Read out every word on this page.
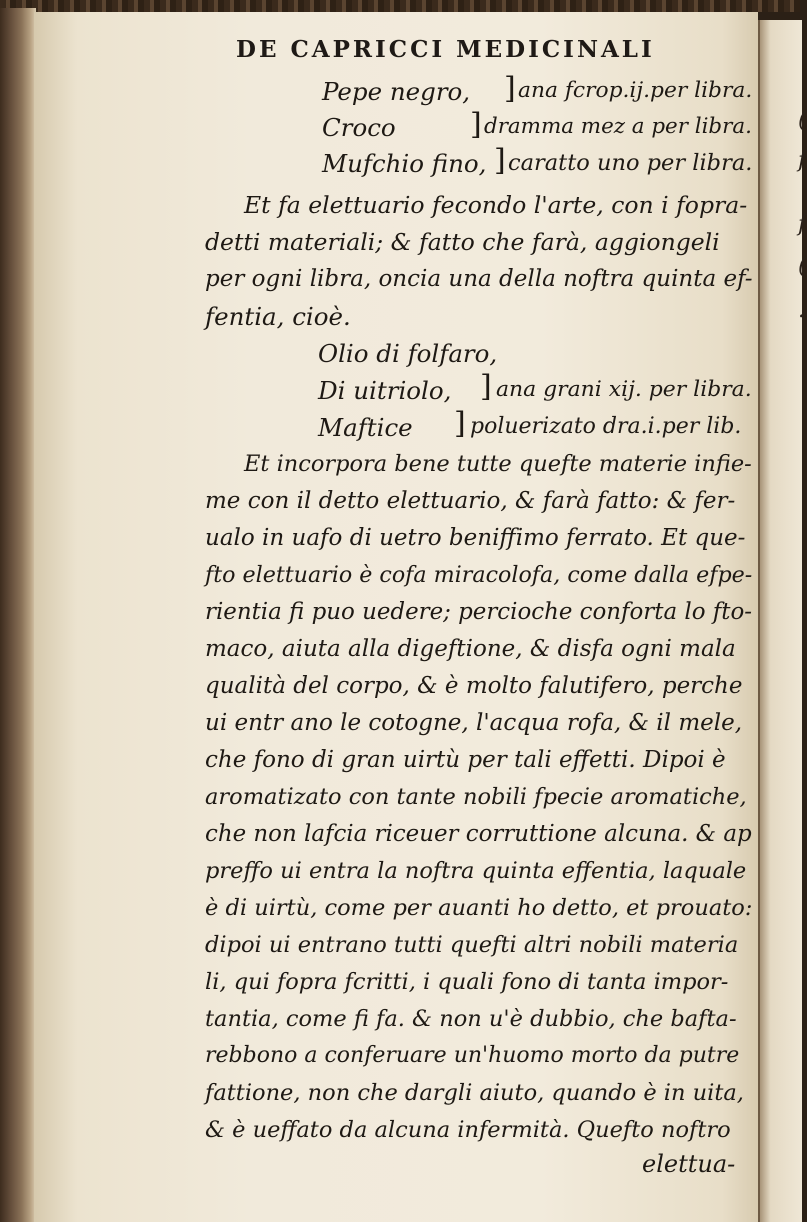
(
f
f
(
.
DE CAPRICCI MEDICINALI
Pepe negro, ] ana fcrop.ij.per libra.
Croco ] dramma mez a per libra.
Mufchio fino, ] caratto uno per libra.
Et fa elettuario fecondo l'arte, con i fopra-
detti materiali; & fatto che farà, aggiongeli
per ogni libra, oncia una della noftra quinta ef-
fentia, cioè.
Olio di folfaro,
Di uitriolo, ] ana grani xij. per libra.
Maftice ] poluerizato dra.i.per lib.
Et incorpora bene tutte quefte materie infie-
me con il detto elettuario, & farà fatto: & fer-
ualo in uafo di uetro beniffimo ferrato. Et que-
fto elettuario è cofa miracolofa, come dalla efpe-
rientia fi puo uedere; percioche conforta lo fto-
maco, aiuta alla digeftione, & disfa ogni mala
qualità del corpo, & è molto falutifero, perche
ui entr ano le cotogne, l'acqua rofa, & il mele,
che fono di gran uirtù per tali effetti. Dipoi è
aromatizato con tante nobili fpecie aromatiche,
che non lafcia riceuer corruttione alcuna. & ap
preffo ui entra la noftra quinta effentia, laquale
è di uirtù, come per auanti ho detto, et prouato:
dipoi ui entrano tutti quefti altri nobili materia
li, qui fopra fcritti, i quali fono di tanta impor-
tantia, come fi fa. & non u'è dubbio, che bafta-
rebbono a conferuare un'huomo morto da putre
fattione, non che dargli aiuto, quando è in uita,
& è ueffato da alcuna infermità. Quefto noftro
elettua-
